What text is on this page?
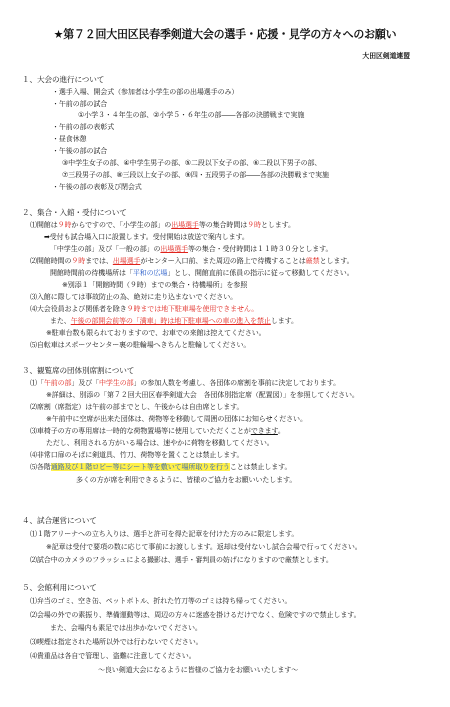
★第７２回大田区民春季剣道大会の選手・応援・見学の方々へのお願い
大田区剣道連盟
１、大会の進行について
・選手入場、開会式（参加者は小学生の部の出場選手のみ）
・午前の部の試合
①小学３・４年生の部、②小学５・６年生の部――各部の決勝戦まで実施
・午前の部の表彰式
・昼食休憩
・午後の部の試合
③中学生女子の部、④中学生男子の部、⑤二段以下女子の部、⑥二段以下男子の部、
⑦三段男子の部、⑧三段以上女子の部、⑨四・五段男子の部――各部の決勝戦まで実施
・午後の部の表彰及び閉会式
２、集合・入館・受付について
⑴開館は９時からですので、「小学生の部」の出場選手等の集合時間は９時とします。
➡受付も試合場入口に設置します。受付開始は放送で案内します。
「中学生の部」及び「一般の部」の出場選手等の集合・受付時間は１１時３０分とします。
⑵開館時間の９時までは、出場選手がセンター入口前、また周辺の路上で待機することは厳禁とします。
開館時間前の待機場所は「平和の広場」とし、開館直前に係員の指示に従って移動してください。
※別添１「開館時間（９時）までの集合・待機場所」を参照
⑶入館に際しては事故防止の為、絶対に走り込まないでください。
⑷大会役員および関係者を除き９時までは地下駐車場を使用できません。
また、午後の部開会前等の「満車」時は地下駐車場への車の進入を禁止します。
※駐車台数も限られておりますので、お車での来館は控えてください。
⑸自転車はスポーツセンター裏の駐輪場へきちんと駐輪してください。
３、観覧席の団体別席割について
⑴「午前の部」及び「中学生の部」の参加人数を考慮し、各団体の席割を事前に決定しております。
※詳細は、別添の「第７２回大田区春季剣道大会　各団体別指定席（配置図）」を参照してください。
⑵席割（席指定）は午前の部までとし、午後からは自由席とします。
※午前中に空席が出来た団体は、荷物等を移動して周囲の団体にお知らせください。
⑶車椅子の方の専用席は一時的な荷物置場等に使用していただくことができます。
ただし、利用される方がいる場合は、速やかに荷物を移動してください。
⑷非常口扉のそばに剣道具、竹刀、荷物等を置くことは禁止します。
⑸各階通路及び１階ロビー等にシート等を敷いて場所取りを行うことは禁止します。
多くの方が席を利用できるように、皆様のご協力をお願いいたします。
４、試合運営について
⑴１階アリーナへの立ち入りは、選手と許可を得た記章を付けた方のみに限定します。
※記章は受付で要項の数に応じて事前にお渡しします。返却は受付ないし試合会場で行ってください。
⑵試合中のカメラのフラッシュによる撮影は、選手・審判員の妨げになりますので厳禁とします。
５、会館利用について
⑴弁当のゴミ、空き缶、ペットボトル、折れた竹刀等のゴミは持ち帰ってください。
⑵会場の外での素振り、準備運動等は、周辺の方々に迷惑を掛けるだけでなく、危険ですので禁止します。
また、会場内も素足では出歩かないでください。
⑶喫煙は指定された場所以外では行わないでください。
⑷貴重品は各自で管理し、盗難に注意してください。
～良い剣道大会になるように皆様のご協力をお願いいたします～
